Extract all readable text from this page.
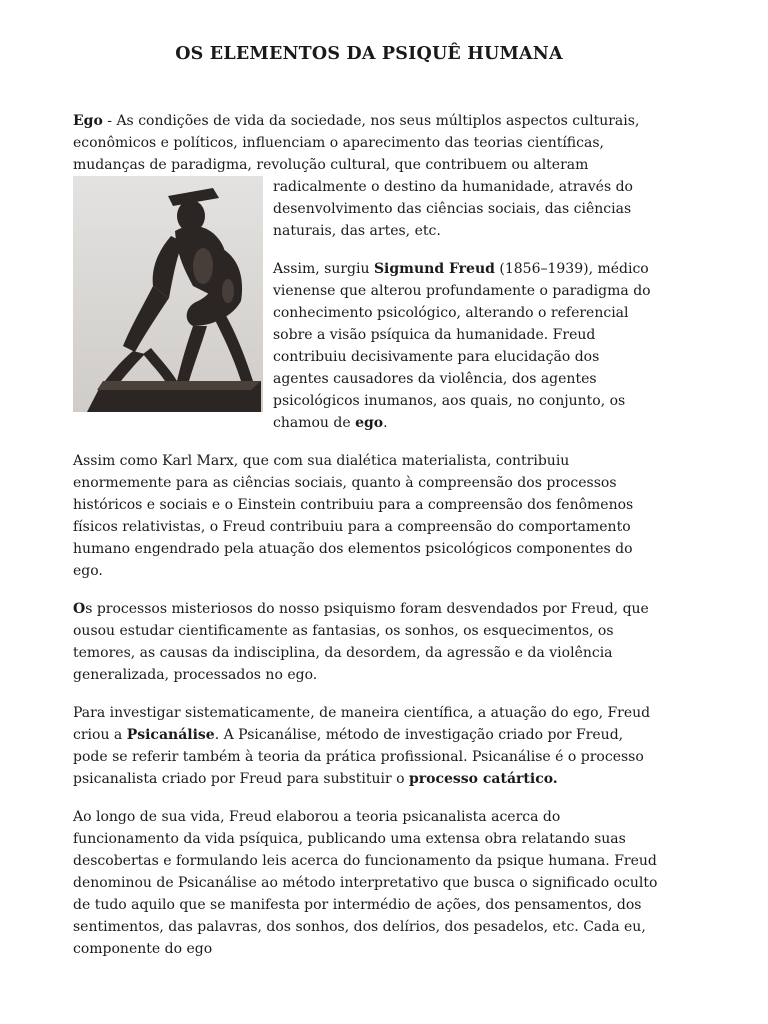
OS ELEMENTOS DA PSIQUÊ HUMANA

Ego - As condições de vida da sociedade, nos seus múltiplos aspectos culturais, econômicos e políticos, influenciam o aparecimento das teorias científicas, mudanças de paradigma, revolução cultural, que contribuem ou alteram

radicalmente o destino da humanidade, através do desenvolvimento das ciências sociais, das ciências naturais, das artes, etc.

Assim, surgiu Sigmund Freud (1856–1939), médico vienense que alterou profundamente o paradigma do conhecimento psicológico, alterando o referencial sobre a visão psíquica da humanidade. Freud contribuiu decisivamente para elucidação dos agentes causadores da violência, dos agentes psicológicos inumanos, aos quais, no conjunto, os chamou de ego.

Assim como Karl Marx, que com sua dialética materialista, contribuiu enormemente para as ciências sociais, quanto à compreensão dos processos históricos e sociais e o Einstein contribuiu para a compreensão dos fenômenos físicos relativistas, o Freud contribuiu para a compreensão do comportamento humano engendrado pela atuação dos elementos psicológicos componentes do ego.

Os processos misteriosos do nosso psiquismo foram desvendados por Freud, que ousou estudar cientificamente as fantasias, os sonhos, os esquecimentos, os temores, as causas da indisciplina, da desordem, da agressão e da violência generalizada, processados no ego.

Para investigar sistematicamente, de maneira científica, a atuação do ego, Freud criou a Psicanálise. A Psicanálise, método de investigação criado por Freud, pode se referir também à teoria da prática profissional. Psicanálise é o processo psicanalista criado por Freud para substituir o processo catártico.

Ao longo de sua vida, Freud elaborou a teoria psicanalista acerca do funcionamento da vida psíquica, publicando uma extensa obra relatando suas descobertas e formulando leis acerca do funcionamento da psique humana. Freud denominou de Psicanálise ao método interpretativo que busca o significado oculto de tudo aquilo que se manifesta por intermédio de ações, dos pensamentos, dos sentimentos, das palavras, dos sonhos, dos delírios, dos pesadelos, etc. Cada eu, componente do ego
